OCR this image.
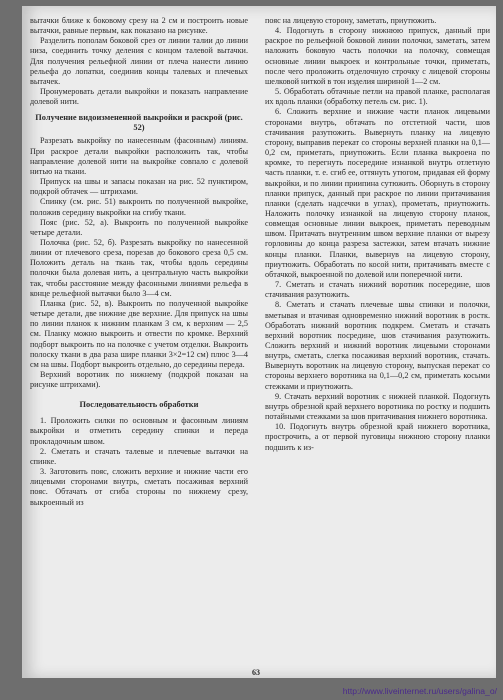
вытачки ближе к боковому срезу на 2 см и построить новые вытачки, равные первым, как показано на рисунке.

Разделить пополам боковой срез от линии талии до линии низа, соединить точку деления с концом талевой вытачки. Для получения рельефной линии от плеча нанести линию рельефа до лопатки, соединив концы талевых и плечевых вытачек.

Пронумеровать детали выкройки и показать направление долевой нити.

Получение видоизмененной выкройки и раскрой (рис. 52)

Разрезать выкройку по нанесенным (фасонным) линиям. При раскрое детали выкройки расположить так, чтобы направление долевой нити на выкройке совпало с долевой нитью на ткани.

Припуск на швы и запасы показан на рис. 52 пунктиром, подкрой обтачек — штрихами.

Спинку (см. рис. 51) выкроить по полученной выкройке, положив середину выкройки на сгибу ткани.

Пояс (рис. 52, а). Выкроить по полученной выкройке четыре детали.

Полочка (рис. 52, б). Разрезать выкройку по нанесенной линии от плечевого среза, порезав до бокового среза 0,5 см. Положить деталь на ткань так, чтобы вдоль середины полочки была долевая нить, а центральную часть выкройки так, чтобы расстояние между фасонными линиями рельефа в конце рельефной вытачки было 3—4 см.

Планка (рис. 52, в). Выкроить по полученной выкройке четыре детали, две нижние две верхние. Для припуск на швы по линии планок к нижним планкам 3 см, к верхним — 2,5 см. Планку можно выкроить и отвести по кромке. Верхний подборт выкроить по на полочке с учетом отделки. Выкроить полоску ткани в два раза шире планки 3×2=12 см) плюс 3—4 см на швы. Подборт выкроить отдельно, до середины переда.

Верхний воротник по нижнему (подкрой показан на рисунке штрихами).

Последовательность обработки

1. Проложить силки по основным и фасонным линиям выкройки и отметить середину спинки и переда прокладочным швом.

2. Сметать и стачать талевые и плечевые вытачки на спинке.

3. Заготовить пояс, сложить верхние и нижние части его лицевыми сторонами внутрь, сметать посаживая верхний пояс. Обтачать от сгиба стороны по нижнему срезу, выкроенный из

пояс на лицевую сторону, заметать, приутюжить.

4. Подогнуть в сторону нижнюю припуск, данный при раскрое по рельефной боковой линии полочки, заметать, затем наложить боковую часть полочки на полочку, совмещая основные линии выкроек и контрольные точки, приметать, после чего проложить отделочную строчку с лицевой стороны шелковой ниткой в тон изделия шириной 1—2 см.

5. Обработать обтачные петли на правой планке, располагая их вдоль планки (обработку петель см. рис. 1).

6. Сложить верхние и нижние части планок лицевыми сторонами внутрь, обтачать по отстетной части, шов стачивания разутюжить. Вывернуть планку на лицевую сторону, выправив перекат со стороны верхней планки на 0,1—0,2 см, приметать, приутюжить. Если планка выкроена по кромке, то перегнуть посередине изнанкой внутрь отлетную часть планки, т. е. сгиб ее, оттянуть утюгом, придавая ей форму выкройки, и по линии приипина сутюжить. Оборнуть в сторону планки припуск, данный при раскрое по линии притачивания планки (сделать надсечки в углах), прометать, приутюжить. Наложить полочку изнанкой на лицевую сторону планок, совмещая основные линии выкроек, приметать переводным швом. Притачать внутренним швом верхние планки от вырезу горловины до конца разреза застежки, затем втачать нижние концы планки. Планки, вывернув на лицевую сторону, приутюжить. Обработать по косой нити, притачивать вместе с обтачкой, выкроенной по долевой или поперечной нити.

7. Сметать и стачать нижний воротник посередине, шов стачивания разутюжить.

8. Сметать и стачать плечевые швы спинки и полочки, вметывая и втачивая одновременно нижний воротник в ростк. Обработать нижний воротник подкрем. Сметать и стачать верхний воротник посредине, шов стачивания разутюжить. Сложить верхний и нижний воротник лицевыми сторонами внутрь, сметать, слегка посаживая верхний воротник, стачать. Вывернуть воротник на лицевую сторону, выпуская перекат со стороны верхнего воротника на 0,1—0,2 см, приметать косыми стежками и приутюжить.

9. Стачать верхний воротник с нижней планкой. Подогнуть внутрь обрезной край верхнего воротника по ростку и подшить потайными стежками за шов притачивания нижнего воротника.

10. Подогнуть внутрь обрезной край нижнего воротника, прострочить, а от первой пуговицы нижнюю сторону планки подшить к из-

63
http://www.liveinternet.ru/users/galina_o/
